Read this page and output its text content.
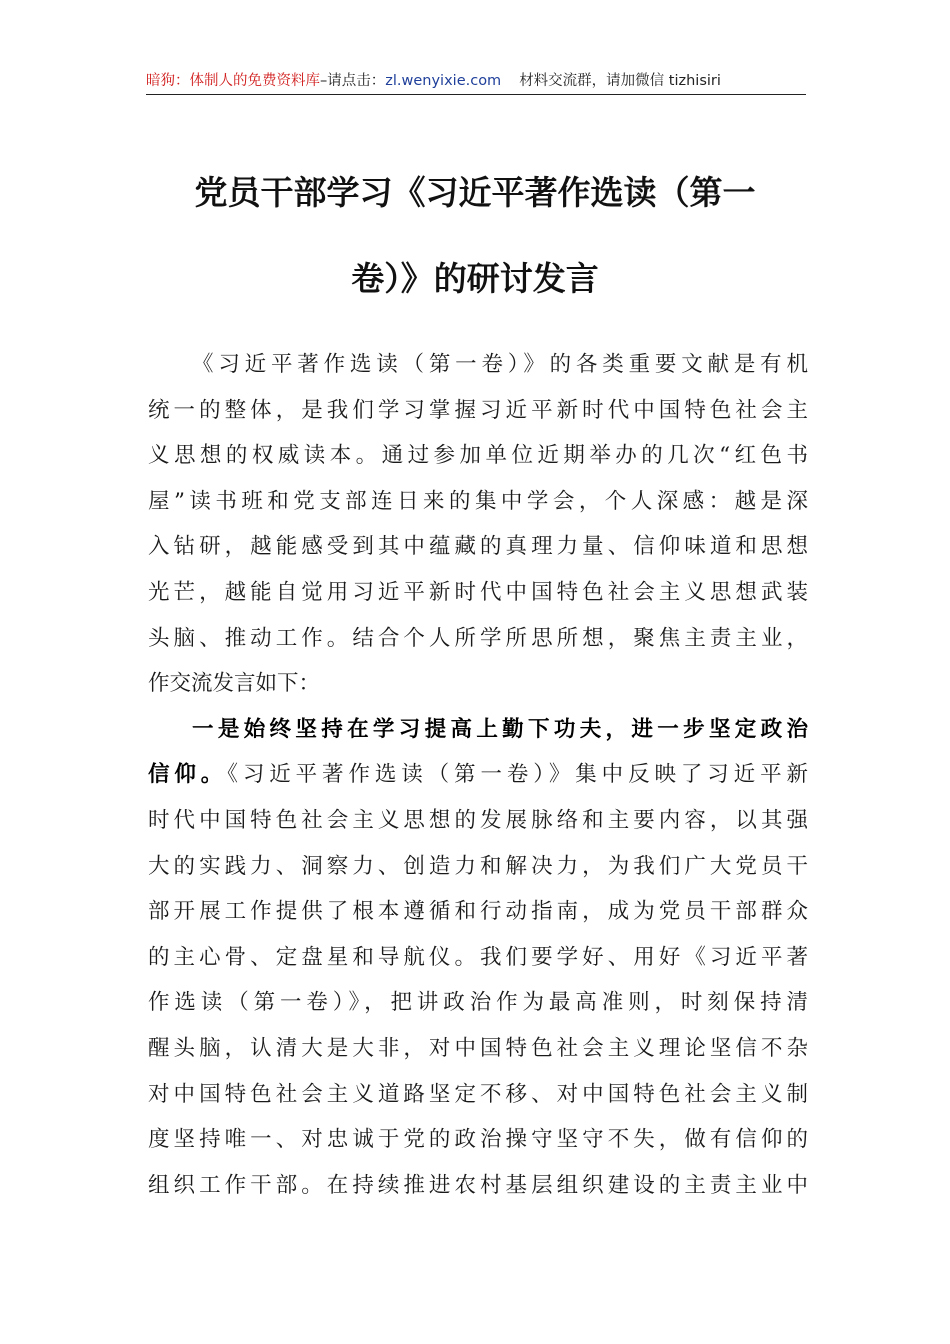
暗狗：体制人的免费资料库–请点击：zl.wenyixie.com 材料交流群，请加微信 tizhisiri
党员干部学习《习近平著作选读（第一
卷）》的研讨发言
《习近平著作选读（第一卷）》的各类重要文献是有机
统一的整体，是我们学习掌握习近平新时代中国特色社会主
义思想的权威读本。通过参加单位近期举办的几次“红色书
屋”读书班和党支部连日来的集中学会，个人深感：越是深
入钻研，越能感受到其中蕴藏的真理力量、信仰味道和思想
光芒，越能自觉用习近平新时代中国特色社会主义思想武装
头脑、推动工作。结合个人所学所思所想，聚焦主责主业，
作交流发言如下：
一是始终坚持在学习提高上勤下功夫，进一步坚定政治
信仰。《习近平著作选读（第一卷）》集中反映了习近平新
时代中国特色社会主义思想的发展脉络和主要内容，以其强
大的实践力、洞察力、创造力和解决力，为我们广大党员干
部开展工作提供了根本遵循和行动指南，成为党员干部群众
的主心骨、定盘星和导航仪。我们要学好、用好《习近平著
作选读（第一卷）》，把讲政治作为最高准则，时刻保持清
醒头脑，认清大是大非，对中国特色社会主义理论坚信不杂
对中国特色社会主义道路坚定不移、对中国特色社会主义制
度坚持唯一、对忠诚于党的政治操守坚守不失，做有信仰的
组织工作干部。在持续推进农村基层组织建设的主责主业中
